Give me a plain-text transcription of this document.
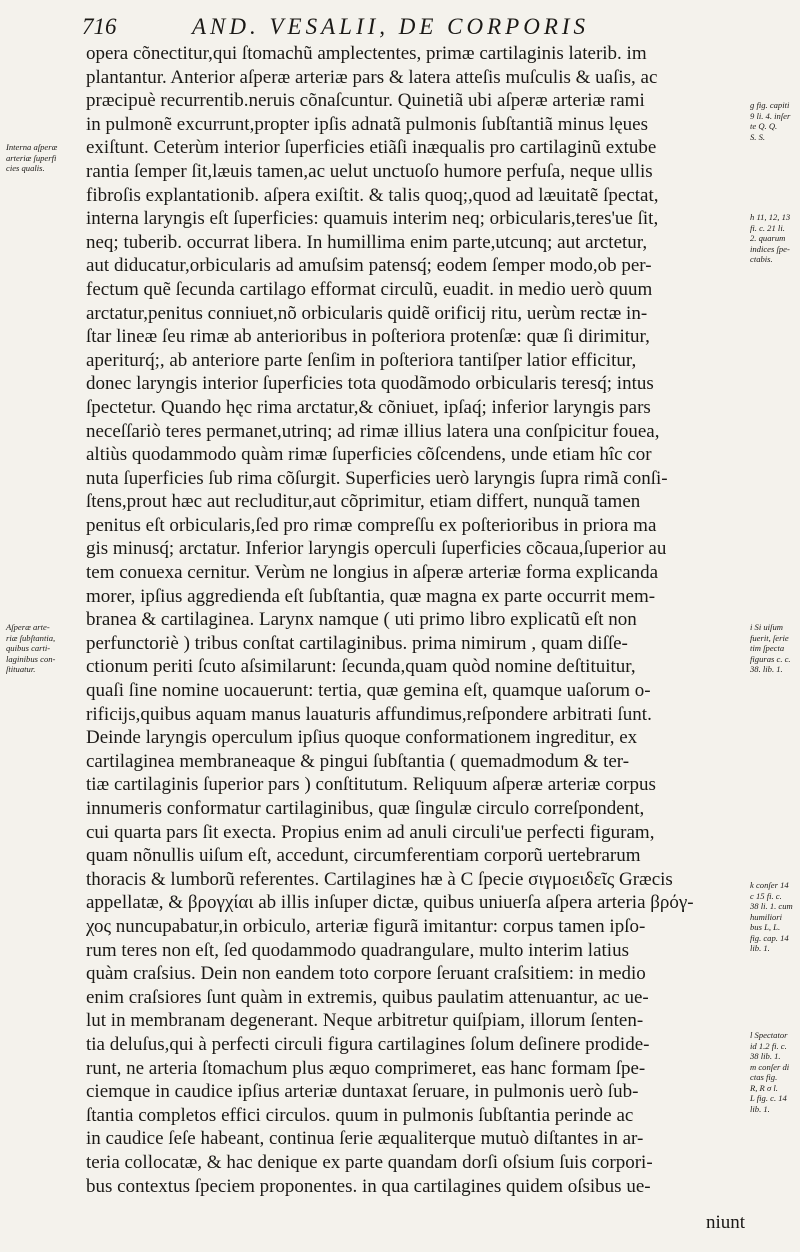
716	AND. VESALII, DE CORPORIS
opera cõnectitur,qui ſtomachũ amplectentes, primæ cartilaginis laterib. im
plantantur. Anterior aſperæ arteriæ pars & latera atteſis muſculis & uaſis, ac
præcipuè recurrentib.neruis cõnaſcuntur. Quinetiã ubi aſperæ arteriæ rami
in pulmonẽ excurrunt,propter ipſis adnatã pulmonis ſubſtantiã minus lęues
exiſtunt. Ceterùm interior ſuperficies etiãſi inæqualis pro cartilaginũ extube
rantia ſemper ſit,læuis tamen,ac uelut unctuoſo humore perfuſa, neque ullis
fibroſis explantationib. aſpera exiſtit. & talis quoq;,quod ad læuitatẽ ſpectat,
interna laryngis eſt ſuperficies: quamuis interim neq; orbicularis,teres'ue ſit,
neq; tuberib. occurrat libera. In humillima enim parte,utcunq; aut arctetur,
aut diducatur,orbicularis ad amuſsim patensq́; eodem ſemper modo,ob per-
fectum quẽ ſecunda cartilago efformat circulũ, euadit. in medio uerò quum
arctatur,penitus conniuet,nõ orbicularis quidẽ orificij ritu, uerùm rectæ in-
ſtar lineæ ſeu rimæ ab anterioribus in poſteriora protenſæ: quæ ſi dirimitur,
aperiturq́;, ab anteriore parte ſenſim in poſteriora tantiſper latior efficitur,
donec laryngis interior ſuperficies tota quodãmodo orbicularis teresq́; intus
ſpectetur. Quando hęc rima arctatur,& cõniuet, ipſaq́; inferior laryngis pars
neceſſariò teres permanet,utrinq; ad rimæ illius latera una conſpicitur fouea,
altiùs quodammodo quàm rimæ ſuperficies cõſcendens, unde etiam hîc cor
nuta ſuperficies ſub rima cõſurgit. Superficies uerò laryngis ſupra rimã conſi-
ſtens,prout hæc aut recluditur,aut cõprimitur, etiam differt, nunquã tamen
penitus eſt orbicularis,ſed pro rimæ compreſſu ex poſterioribus in priora ma
gis minusq́; arctatur. Inferior laryngis operculi ſuperficies cõcaua,ſuperior au
tem conuexa cernitur. Verùm ne longius in aſperæ arteriæ forma explicanda
morer, ipſius aggredienda eſt ſubſtantia, quæ magna ex parte occurrit mem-
branea & cartilaginea. Larynx namque ( uti primo libro explicatũ eſt non
perfunctoriè ) tribus conſtat cartilaginibus. prima nimirum , quam diſſe-
ctionum periti ſcuto aſsimilarunt: ſecunda,quam quòd nomine deſtituitur,
quaſi ſine nomine uocauerunt: tertia, quæ gemina eſt, quamque uaſorum o-
rificijs,quibus aquam manus lauaturis affundimus,reſpondere arbitrati ſunt.
Deinde laryngis operculum ipſius quoque conformationem ingreditur, ex
cartilaginea membraneaque & pingui ſubſtantia ( quemadmodum & ter-
tiæ cartilaginis ſuperior pars ) conſtitutum. Reliquum aſperæ arteriæ corpus
innumeris conformatur cartilaginibus, quæ ſingulæ circulo correſpondent,
cui quarta pars ſit execta. Propius enim ad anuli circuli'ue perfecti figuram,
quam nõnullis uiſum eſt, accedunt, circumferentiam corporũ uertebrarum
thoracis & lumborũ referentes. Cartilagines hæ à C ſpecie σιγμοειδεῖς Græcis
appellatæ, & βρογχίαι ab illis inſuper dictæ, quibus uniuerſa aſpera arteria βρόγ-
χος nuncupabatur,in orbiculo, arteriæ figurã imitantur: corpus tamen ipſo-
rum teres non eſt, ſed quodammodo quadrangulare, multo interim latius
quàm craſsius. Dein non eandem toto corpore ſeruant craſsitiem: in medio
enim craſsiores ſunt quàm in extremis, quibus paulatim attenuantur, ac ue-
lut in membranam degenerant. Neque arbitretur quiſpiam, illorum ſenten-
tia deluſus,qui à perfecti circuli figura cartilagines ſolum deſinere prodide-
runt, ne arteria ſtomachum plus æquo comprimeret, eas hanc formam ſpe-
ciemque in caudice ipſius arteriæ duntaxat ſeruare, in pulmonis uerò ſub-
ſtantia completos effici circulos. quum in pulmonis ſubſtantia perinde ac
in caudice ſeſe habeant, continua ſerie æqualiterque mutuò diſtantes in ar-
teria collocatæ, & hac denique ex parte quandam dorſi oſsium ſuis corpori-
bus contextus ſpeciem proponentes. in qua cartilagines quidem oſsibus ue-
Interna aſperæ
arteriæ ſuperfi
cies qualis.
Aſperæ arte-
riæ ſubſtantia,
quibus carti-
laginibus con-
ſtituatur.
g fig. capiti
9 li. 4. inſer
te Q. Q.
S. S.
h 11, 12, 13
fi. c. 21 li.
2. quarum
indices ſpe-
ctabis.
i Si uiſum
fuerit, ſerie
tim ſpecta
figuras c. c.
38. lib. 1.
k conſer 14
c 15 fi. c.
38 li. 1. cum
humiliori
bus L, L.
fig. cap. 14
lib. 1.
l Spectator
id 1.2 fi. c.
38 lib. 1.
m conſer di
ctas fig.
R, R σ l.
L fig. c. 14
lib. 1.
niunt
